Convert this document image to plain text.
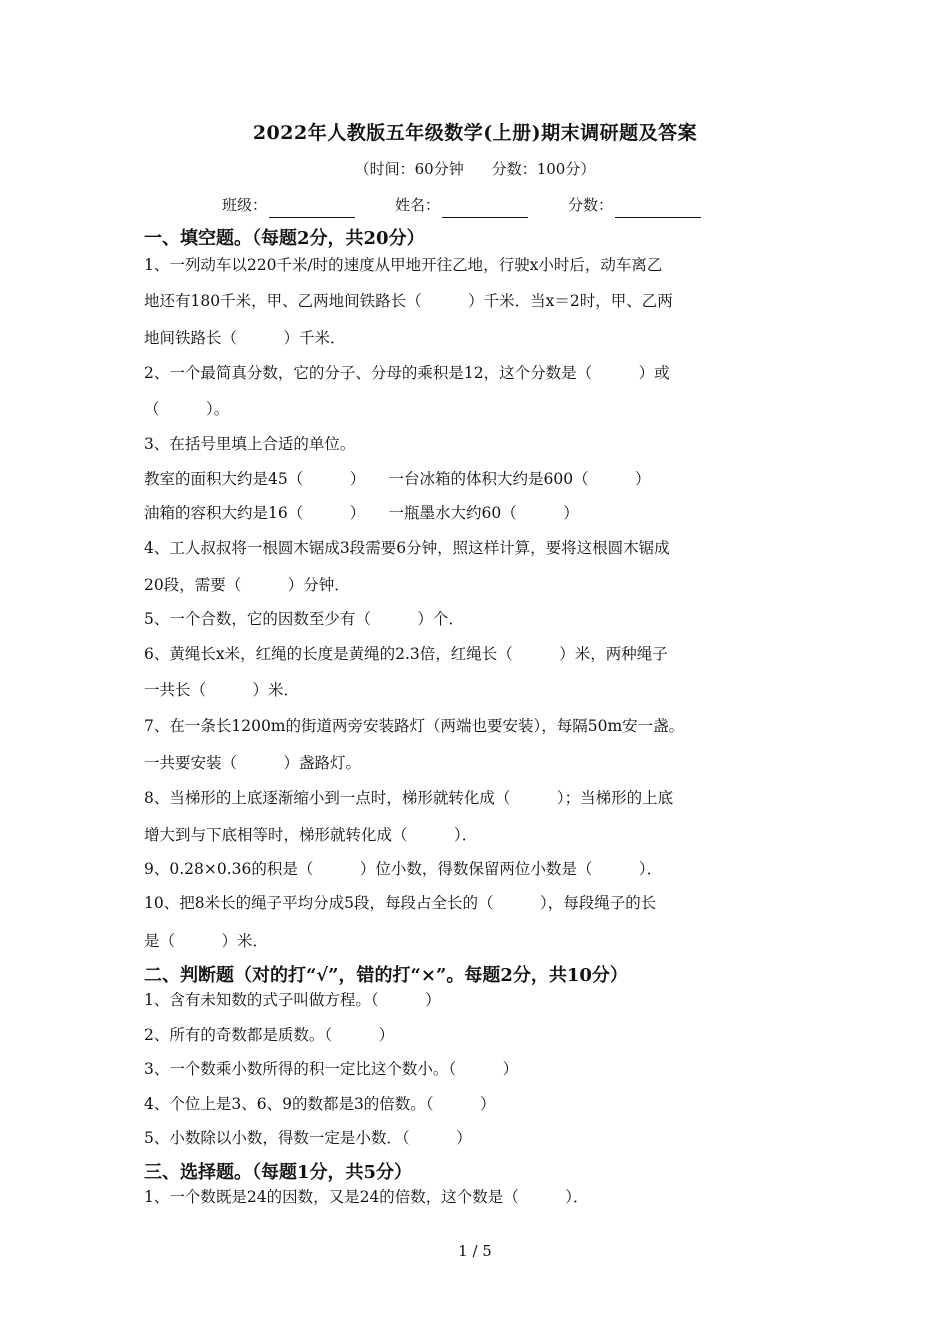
2022年人教版五年级数学(上册)期末调研题及答案
（时间：60分钟 分数：100分）
班级：	姓名：	分数：
一、填空题。（每题2分，共20分）
1、一列动车以220千米/时的速度从甲地开往乙地，行驶x小时后，动车离乙
地还有180千米，甲、乙两地间铁路长（　　　）千米．当x＝2时，甲、乙两
地间铁路长（　　　）千米．
2、一个最简真分数，它的分子、分母的乘积是12，这个分数是（　　　）或
（　　　）。
3、在括号里填上合适的单位。
教室的面积大约是45（　　　）　　一台冰箱的体积大约是600（　　　）
油箱的容积大约是16（　　　）　　一瓶墨水大约60（　　　）
4、工人叔叔将一根圆木锯成3段需要6分钟，照这样计算，要将这根圆木锯成
20段，需要（　　　）分钟．
5、一个合数，它的因数至少有（　　　）个．
6、黄绳长x米，红绳的长度是黄绳的2.3倍，红绳长（　　　）米，两种绳子
一共长（　　　）米．
7、在一条长1200m的街道两旁安装路灯（两端也要安装），每隔50m安一盏。
一共要安装（　　　）盏路灯。
8、当梯形的上底逐渐缩小到一点时，梯形就转化成（　　　）；当梯形的上底
增大到与下底相等时，梯形就转化成（　　　）．
9、0.28×0.36的积是（　　　）位小数，得数保留两位小数是（　　　）．
10、把8米长的绳子平均分成5段，每段占全长的（　　　），每段绳子的长
是（　　　）米．
二、判断题（对的打“√”，错的打“×”。每题2分，共10分）
1、含有未知数的式子叫做方程。（　　　）
2、所有的奇数都是质数。（　　　）
3、一个数乘小数所得的积一定比这个数小。（　　　）
4、个位上是3、6、9的数都是3的倍数。（　　　）
5、小数除以小数，得数一定是小数．（　　　）
三、选择题。（每题1分，共5分）
1、一个数既是24的因数，又是24的倍数，这个数是（　　　）．
1 / 5
